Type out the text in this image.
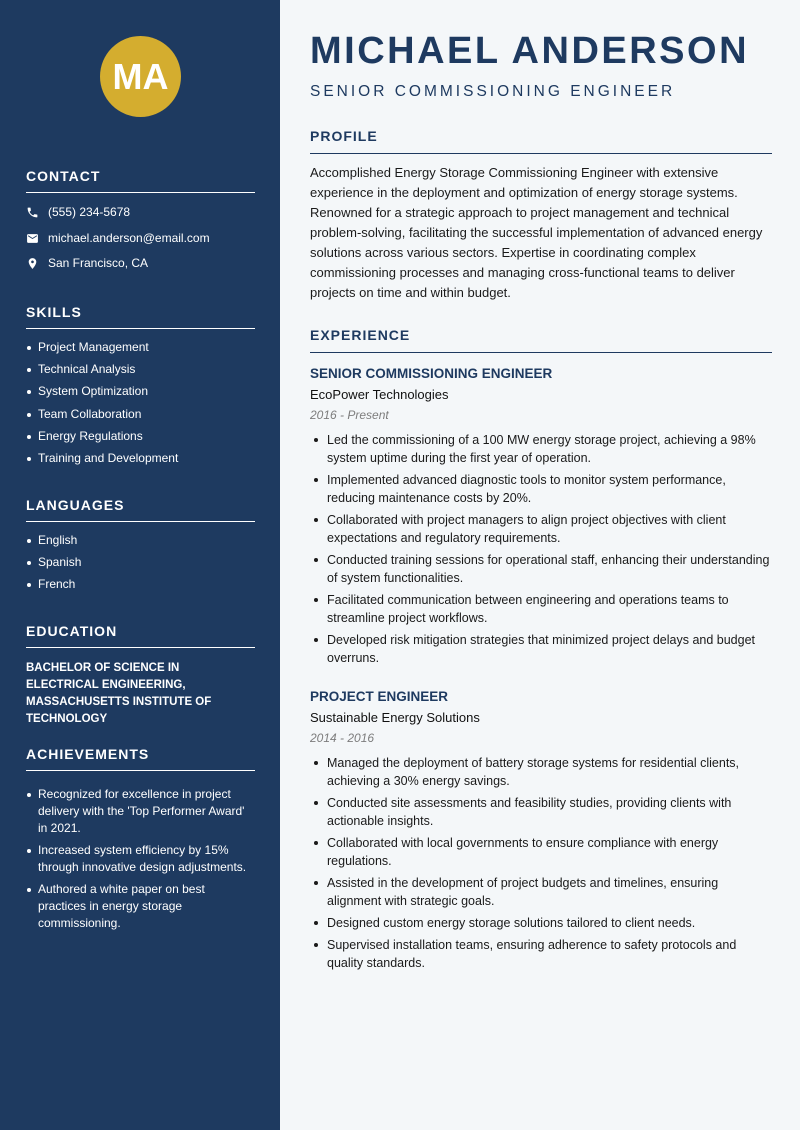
MA
CONTACT
(555) 234-5678
michael.anderson@email.com
San Francisco, CA
SKILLS
Project Management
Technical Analysis
System Optimization
Team Collaboration
Energy Regulations
Training and Development
LANGUAGES
English
Spanish
French
EDUCATION
BACHELOR OF SCIENCE IN ELECTRICAL ENGINEERING, MASSACHUSETTS INSTITUTE OF TECHNOLOGY
ACHIEVEMENTS
Recognized for excellence in project delivery with the 'Top Performer Award' in 2021.
Increased system efficiency by 15% through innovative design adjustments.
Authored a white paper on best practices in energy storage commissioning.
MICHAEL ANDERSON
SENIOR COMMISSIONING ENGINEER
PROFILE
Accomplished Energy Storage Commissioning Engineer with extensive experience in the deployment and optimization of energy storage systems. Renowned for a strategic approach to project management and technical problem-solving, facilitating the successful implementation of advanced energy solutions across various sectors. Expertise in coordinating complex commissioning processes and managing cross-functional teams to deliver projects on time and within budget.
EXPERIENCE
SENIOR COMMISSIONING ENGINEER
EcoPower Technologies
2016 - Present
Led the commissioning of a 100 MW energy storage project, achieving a 98% system uptime during the first year of operation.
Implemented advanced diagnostic tools to monitor system performance, reducing maintenance costs by 20%.
Collaborated with project managers to align project objectives with client expectations and regulatory requirements.
Conducted training sessions for operational staff, enhancing their understanding of system functionalities.
Facilitated communication between engineering and operations teams to streamline project workflows.
Developed risk mitigation strategies that minimized project delays and budget overruns.
PROJECT ENGINEER
Sustainable Energy Solutions
2014 - 2016
Managed the deployment of battery storage systems for residential clients, achieving a 30% energy savings.
Conducted site assessments and feasibility studies, providing clients with actionable insights.
Collaborated with local governments to ensure compliance with energy regulations.
Assisted in the development of project budgets and timelines, ensuring alignment with strategic goals.
Designed custom energy storage solutions tailored to client needs.
Supervised installation teams, ensuring adherence to safety protocols and quality standards.
